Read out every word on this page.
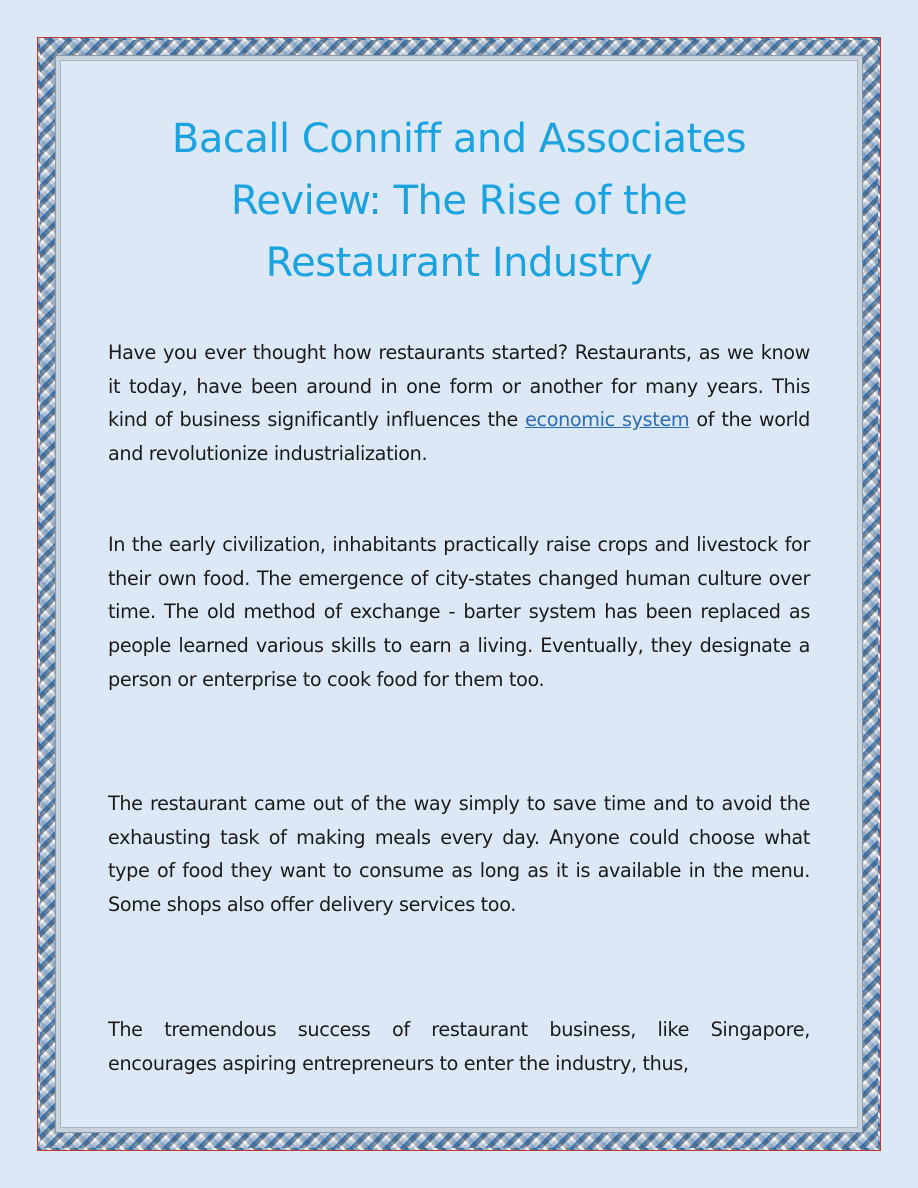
Bacall Conniff and Associates Review: The Rise of the Restaurant Industry

Have you ever thought how restaurants started? Restaurants, as we know it today, have been around in one form or another for many years. This kind of business significantly influences the economic system of the world and revolutionize industrialization.

In the early civilization, inhabitants practically raise crops and livestock for their own food. The emergence of city-states changed human culture over time. The old method of exchange - barter system has been replaced as people learned various skills to earn a living. Eventually, they designate a person or enterprise to cook food for them too.

The restaurant came out of the way simply to save time and to avoid the exhausting task of making meals every day. Anyone could choose what type of food they want to consume as long as it is available in the menu. Some shops also offer delivery services too.

The tremendous success of restaurant business, like Singapore, encourages aspiring entrepreneurs to enter the industry, thus,
